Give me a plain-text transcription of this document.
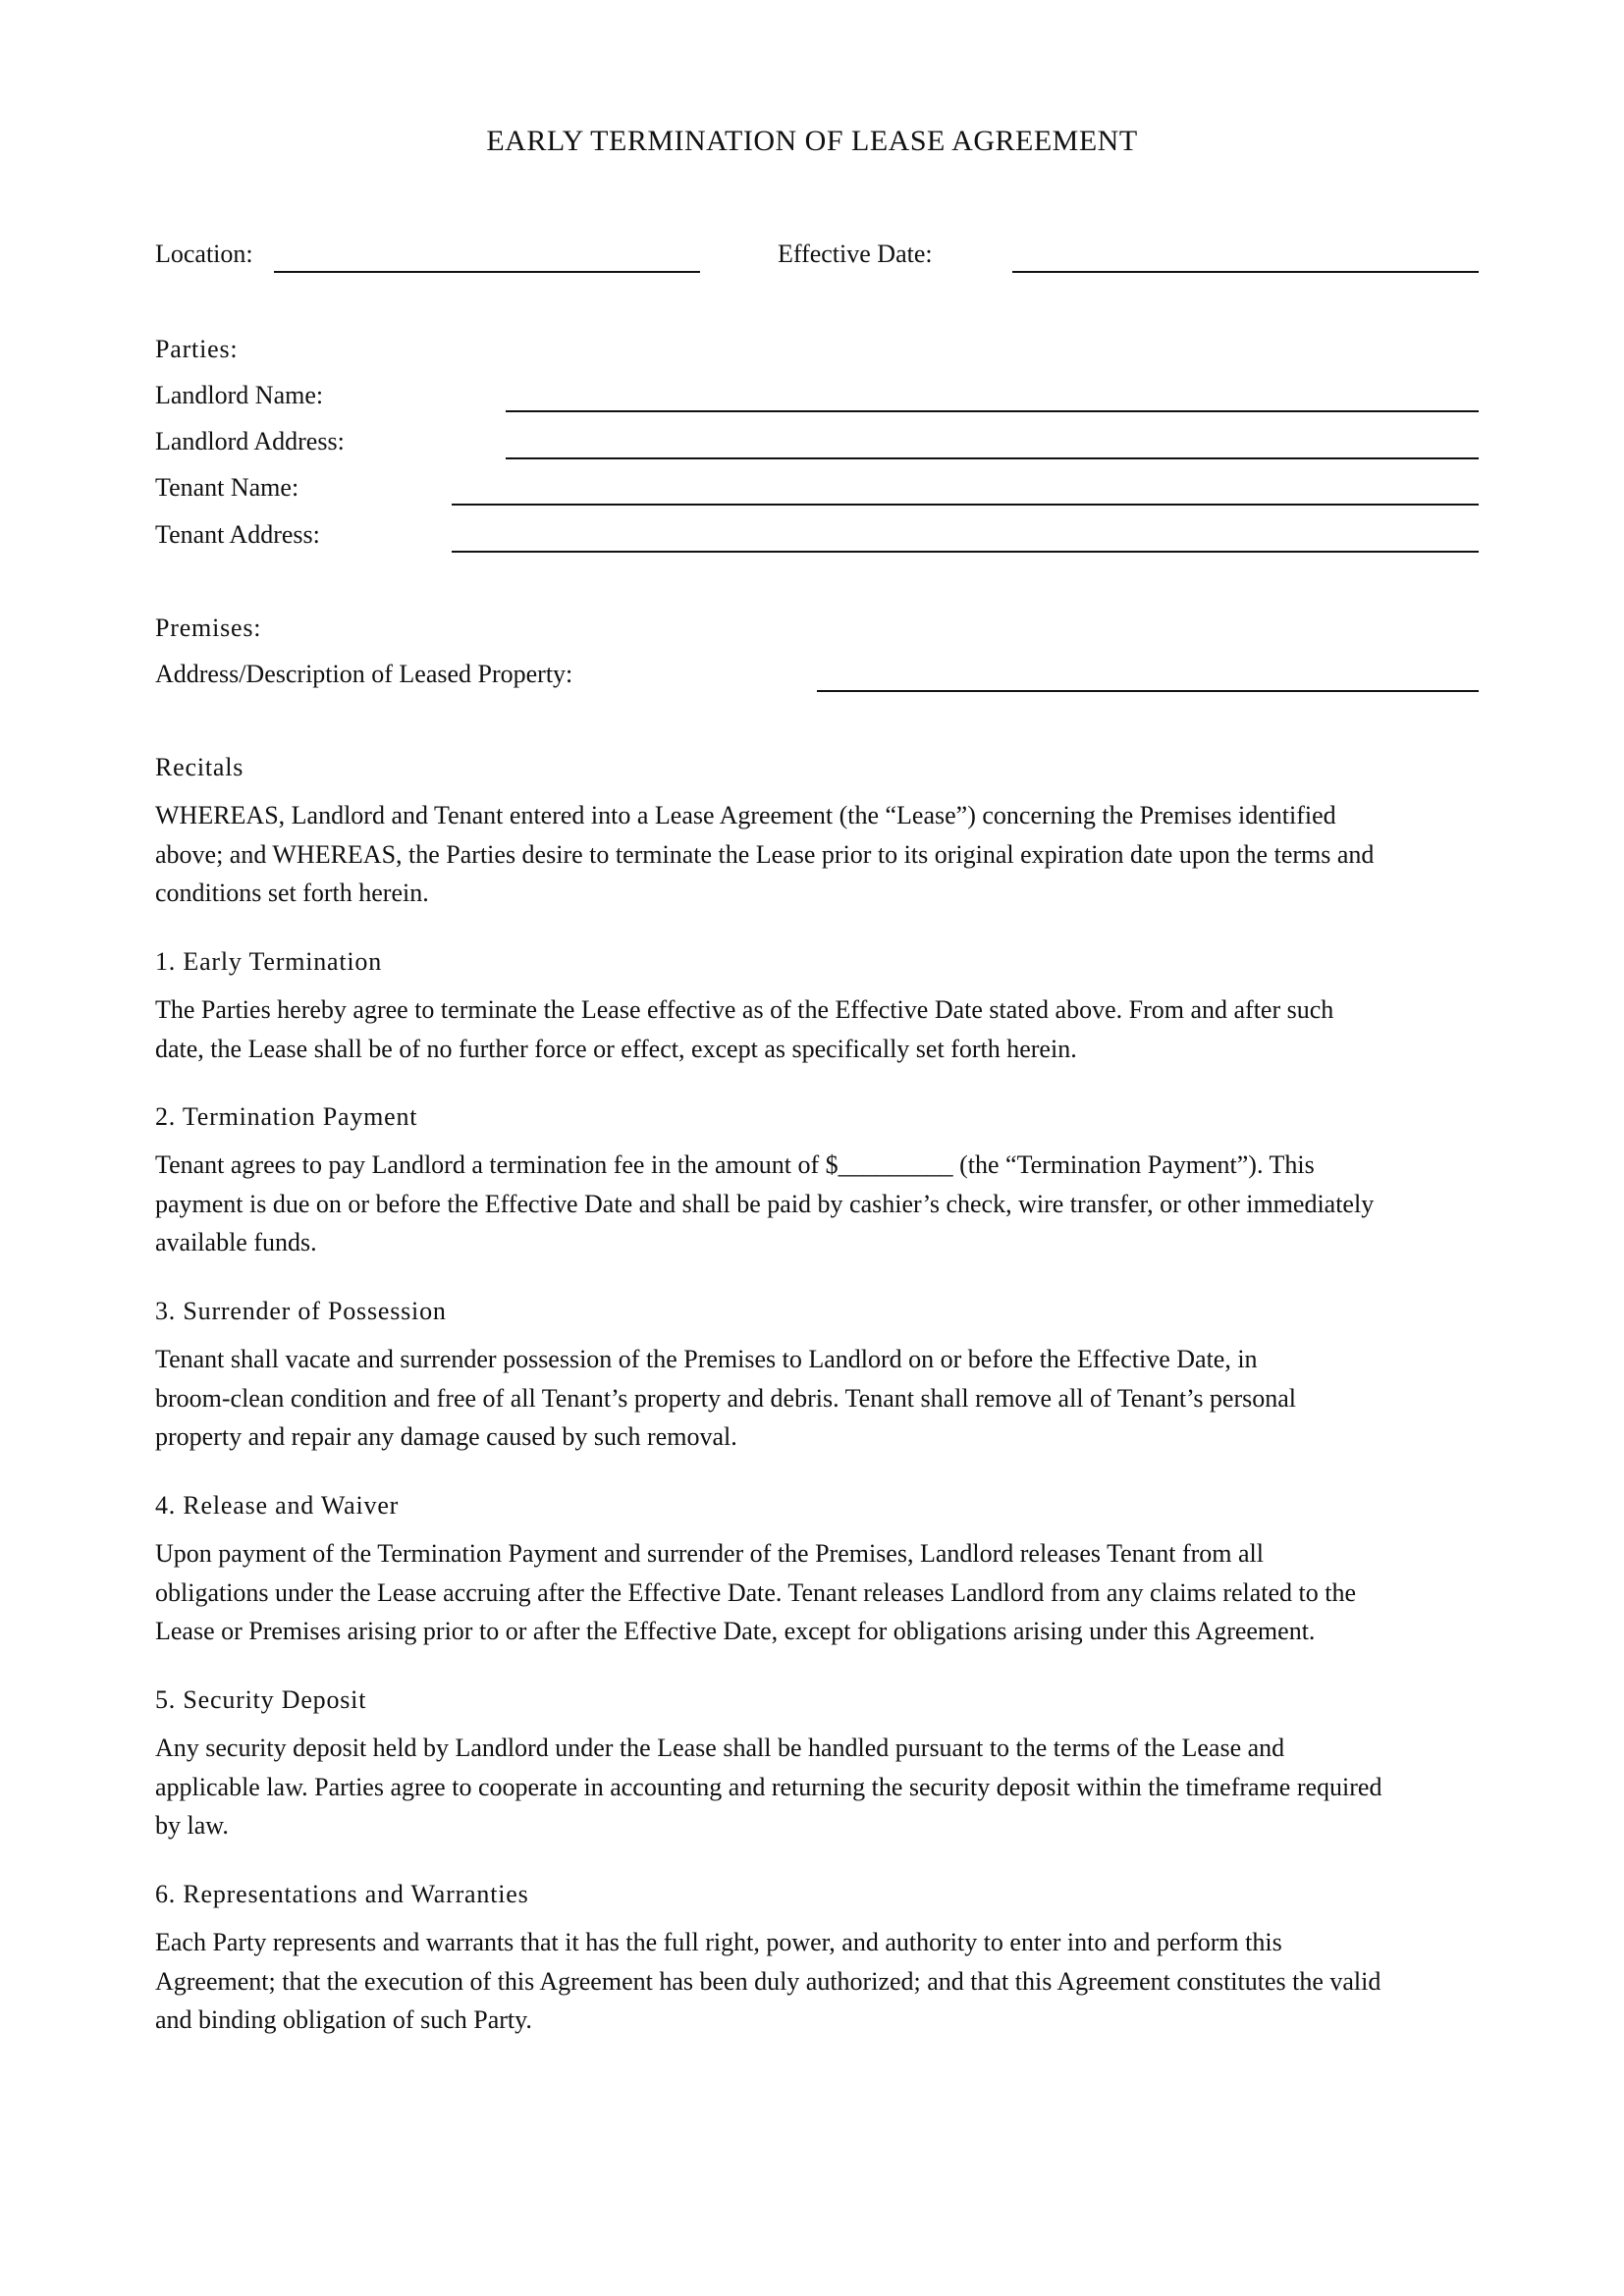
EARLY TERMINATION OF LEASE AGREEMENT
Location:	Effective Date:
Parties:
Landlord Name:
Landlord Address:
Tenant Name:
Tenant Address:
Premises:
Address/Description of Leased Property:
Recitals
WHEREAS, Landlord and Tenant entered into a Lease Agreement (the “Lease”) concerning the Premises identified
above; and WHEREAS, the Parties desire to terminate the Lease prior to its original expiration date upon the terms and
conditions set forth herein.
1. Early Termination
The Parties hereby agree to terminate the Lease effective as of the Effective Date stated above. From and after such
date, the Lease shall be of no further force or effect, except as specifically set forth herein.
2. Termination Payment
Tenant agrees to pay Landlord a termination fee in the amount of $_________ (the “Termination Payment”). This
payment is due on or before the Effective Date and shall be paid by cashier’s check, wire transfer, or other immediately
available funds.
3. Surrender of Possession
Tenant shall vacate and surrender possession of the Premises to Landlord on or before the Effective Date, in
broom-clean condition and free of all Tenant’s property and debris. Tenant shall remove all of Tenant’s personal
property and repair any damage caused by such removal.
4. Release and Waiver
Upon payment of the Termination Payment and surrender of the Premises, Landlord releases Tenant from all
obligations under the Lease accruing after the Effective Date. Tenant releases Landlord from any claims related to the
Lease or Premises arising prior to or after the Effective Date, except for obligations arising under this Agreement.
5. Security Deposit
Any security deposit held by Landlord under the Lease shall be handled pursuant to the terms of the Lease and
applicable law. Parties agree to cooperate in accounting and returning the security deposit within the timeframe required
by law.
6. Representations and Warranties
Each Party represents and warrants that it has the full right, power, and authority to enter into and perform this
Agreement; that the execution of this Agreement has been duly authorized; and that this Agreement constitutes the valid
and binding obligation of such Party.
